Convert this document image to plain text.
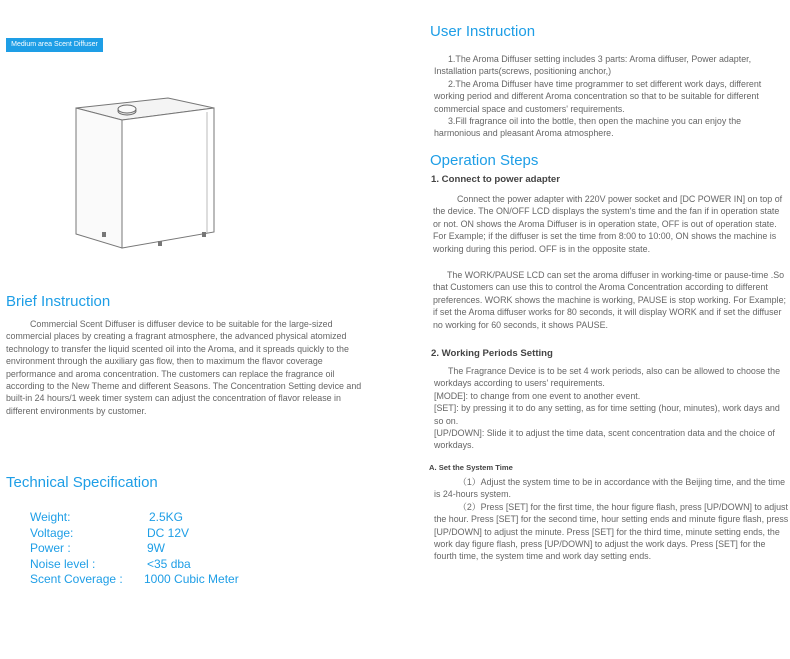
Medium area Scent Diffuser
Brief Instruction

Commercial Scent Diffuser is diffuser device to be suitable for the large-sized commercial places by creating a fragrant atmosphere, the advanced physical atomized technology to transfer the liquid scented oil into the Aroma, and it spreads quickly to the environment through the auxiliary gas flow, then to maximum the flavor coverage performance and aroma concentration. The customers can replace the fragrance oil according to the New Theme and different Seasons. The Concentration Setting device and built-in 24 hours/1 week timer system can adjust the concentration of flavor release in different environments by customer.

Technical Specification
Weight:	2.5KG
Voltage:	DC 12V
Power :	9W
Noise level :	<35 dba
Scent Coverage : 1000 Cubic Meter
User Instruction

1.The Aroma Diffuser setting includes 3 parts: Aroma diffuser, Power adapter, Installation parts(screws, positioning anchor,)

2.The Aroma Diffuser have time programmer to set different work days, different working period and different Aroma concentration so that to be suitable for different commercial space and customers' requirements.

3.Fill fragrance oil into the bottle, then open the machine you can enjoy the harmonious and pleasant Aroma atmosphere.

Operation Steps
1. Connect to power adapter

Connect the power adapter with 220V power socket and [DC POWER IN] on top of the device. The ON/OFF LCD displays the system's time and the fan if in operation state or not. ON shows the Aroma Diffuser is in operation state, OFF is out of operation state. For Example; if the diffuser is set the time from 8:00 to 10:00, ON shows the machine is working during this period. OFF is in the opposite state.

The WORK/PAUSE LCD can set the aroma diffuser in working-time or pause-time .So that Customers can use this to control the Aroma Concentration according to different preferences. WORK shows the machine is working, PAUSE is stop working. For Example; if set the Aroma diffuser works for 80 seconds, it will display WORK and if set the diffuser no working for 60 seconds, it shows PAUSE.

2. Working Periods Setting

The Fragrance Device is to be set 4 work periods, also can be allowed to choose the workdays according to users' requirements.

[MODE]: to change from one event to another event.

[SET]: by pressing it to do any setting, as for time setting (hour, minutes), work days and so on.

[UP/DOWN]: Slide it to adjust the time data, scent concentration data and the choice of workdays.

A. Set the System Time

（1）Adjust the system time to be in accordance with the Beijing time, and the time is 24-hours system.

（2）Press [SET] for the first time, the hour figure flash, press [UP/DOWN] to adjust the hour. Press [SET] for the second time, hour setting ends and minute figure flash, press [UP/DOWN] to adjust the minute. Press [SET] for the third time, minute setting ends, the work day figure flash, press [UP/DOWN] to adjust the work days. Press [SET] for the fourth time, the system time and work day setting ends.
